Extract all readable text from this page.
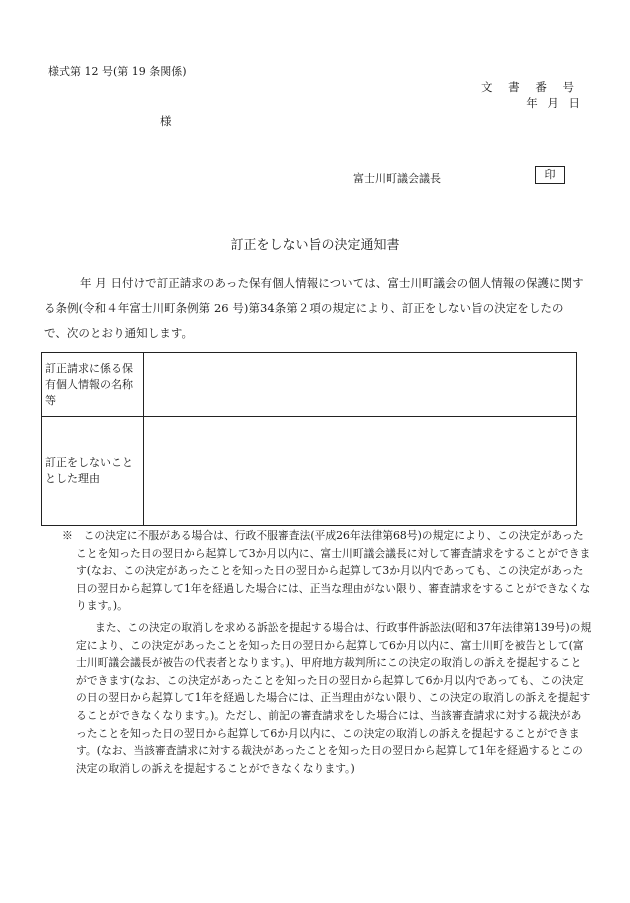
様式第 12 号(第 19 条関係)
文 書 番 号
年 月 日
様
富士川町議会議長	印
訂正をしない旨の決定通知書
年 月 日付けで訂正請求のあった保有個人情報については、富士川町議会の個人情報の保護に関する条例(令和４年富士川町条例第 26 号)第34条第２項の規定により、訂正をしない旨の決定をしたので、次のとおり通知します。
訂正請求に係る保有個人情報の名称等	
訂正をしないこととした理由	
※　 この決定に不服がある場合は、行政不服審査法(平成26年法律第68号)の規定により、この決定があったことを知った日の翌日から起算して3か月以内に、富士川町議会議長に対して審査請求をすることができます(なお、この決定があったことを知った日の翌日から起算して3か月以内であっても、この決定があった日の翌日から起算して1年を経過した場合には、正当な理由がない限り、審査請求をすることができなくなります。)。
また、この決定の取消しを求める訴訟を提起する場合は、行政事件訴訟法(昭和37年法律第139号)の規定により、この決定があったことを知った日の翌日から起算して6か月以内に、富士川町を被告として(富士川町議会議長が被告の代表者となります。)、甲府地方裁判所にこの決定の取消しの訴えを提起することができます(なお、この決定があったことを知った日の翌日から起算して6か月以内であっても、この決定の日の翌日から起算して1年を経過した場合には、正当理由がない限り、この決定の取消しの訴えを提起することができなくなります。)。ただし、前記の審査請求をした場合には、当該審査請求に対する裁決があったことを知った日の翌日から起算して6か月以内に、この決定の取消しの訴えを提起することができます。(なお、当該審査請求に対する裁決があったことを知った日の翌日から起算して1年を経過するとこの決定の取消しの訴えを提起することができなくなります。)
